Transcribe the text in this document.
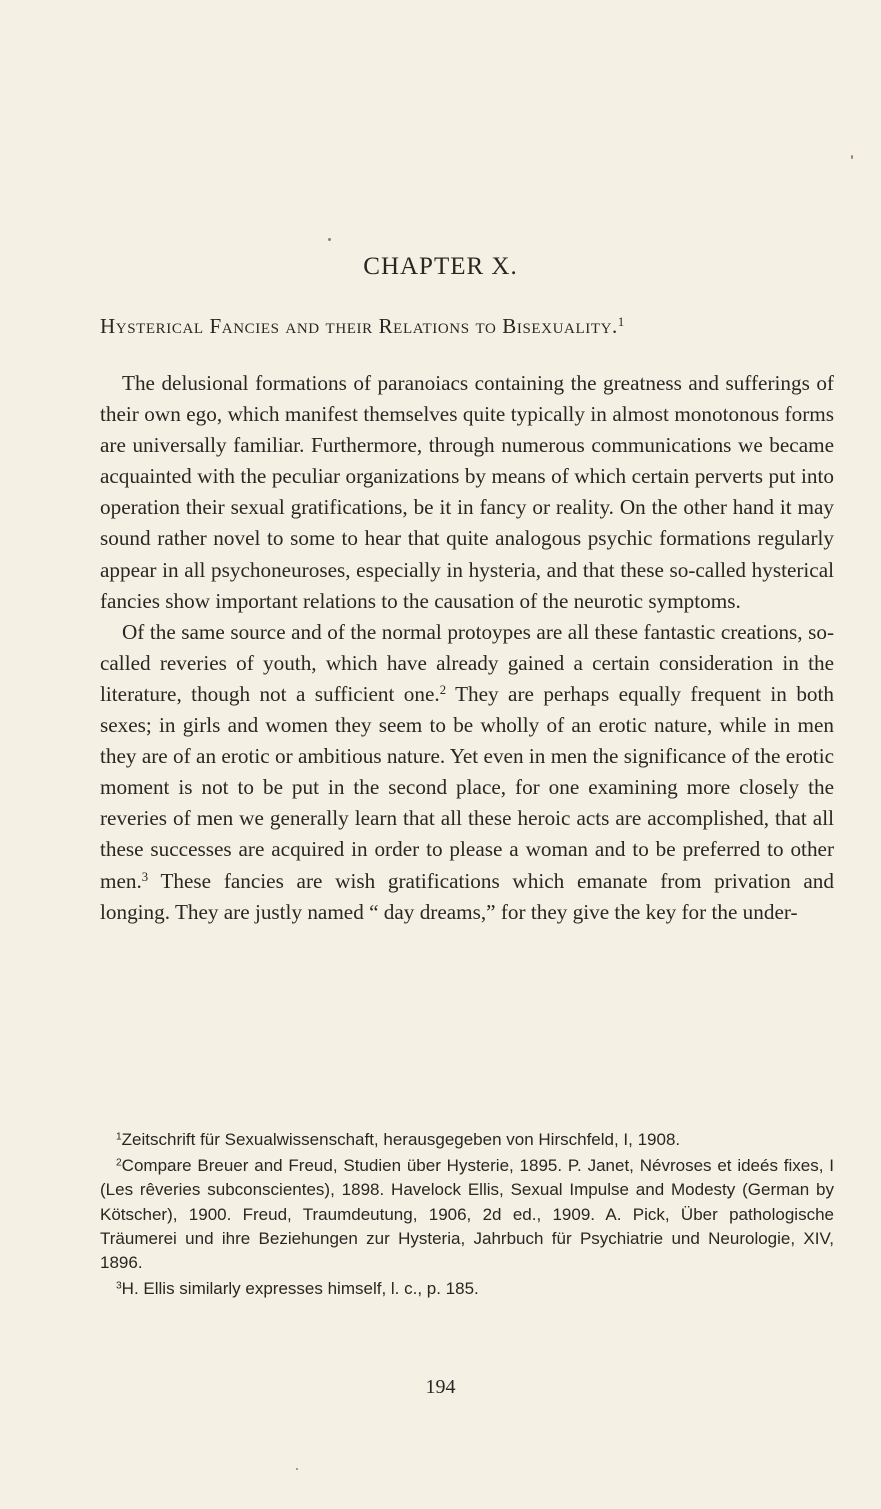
CHAPTER X.
Hysterical Fancies and their Relations to Bisexuality.$^1$

The delusional formations of paranoiacs containing the greatness and sufferings of their own ego, which manifest themselves quite typically in almost monotonous forms are universally familiar. Furthermore, through numerous communications we became acquainted with the peculiar organizations by means of which certain perverts put into operation their sexual gratifications, be it in fancy or reality. On the other hand it may sound rather novel to some to hear that quite analogous psychic formations regularly appear in all psychoneuroses, especially in hysteria, and that these so-called hysterical fancies show important relations to the causation of the neurotic symptoms.

Of the same source and of the normal protoypes are all these fantastic creations, so-called reveries of youth, which have already gained a certain consideration in the literature, though not a sufficient one.$^2$ They are perhaps equally frequent in both sexes; in girls and women they seem to be wholly of an erotic nature, while in men they are of an erotic or ambitious nature. Yet even in men the significance of the erotic moment is not to be put in the second place, for one examining more closely the reveries of men we generally learn that all these heroic acts are accomplished, that all these successes are acquired in order to please a woman and to be preferred to other men.$^3$ These fancies are wish gratifications which emanate from privation and longing. They are justly named “ day dreams,” for they give the key for the under-

$^1$Zeitschrift für Sexualwissenschaft, herausgegeben von Hirschfeld, I, 1908.

$^2$Compare Breuer and Freud, Studien über Hysterie, 1895. P. Janet, Névroses et ideés fixes, I (Les rêveries subconscientes), 1898. Havelock Ellis, Sexual Impulse and Modesty (German by Kötscher), 1900. Freud, Traumdeutung, 1906, 2d ed., 1909. A. Pick, Über pathologische Träumerei und ihre Beziehungen zur Hysteria, Jahrbuch für Psychiatrie und Neurologie, XIV, 1896.

$^3$H. Ellis similarly expresses himself, l. c., p. 185.

194
